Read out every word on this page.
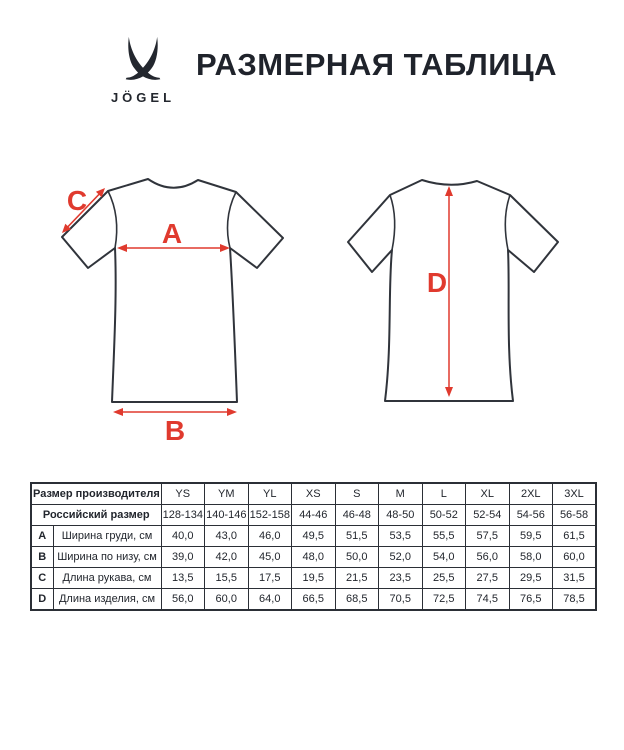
JÖGEL
РАЗМЕРНАЯ ТАБЛИЦА
A
B
C
D
Размер производителя		YS	YM	YL	XS	S	M	L	XL	2XL	3XL
Российский размер		128-134	140-146	152-158	44-46	46-48	48-50	50-52	52-54	54-56	56-58
A	Ширина груди, см	40,0	43,0	46,0	49,5	51,5	53,5	55,5	57,5	59,5	61,5
B	Ширина по низу, см	39,0	42,0	45,0	48,0	50,0	52,0	54,0	56,0	58,0	60,0
C	Длина рукава, см	13,5	15,5	17,5	19,5	21,5	23,5	25,5	27,5	29,5	31,5
D	Длина изделия, см	56,0	60,0	64,0	66,5	68,5	70,5	72,5	74,5	76,5	78,5
